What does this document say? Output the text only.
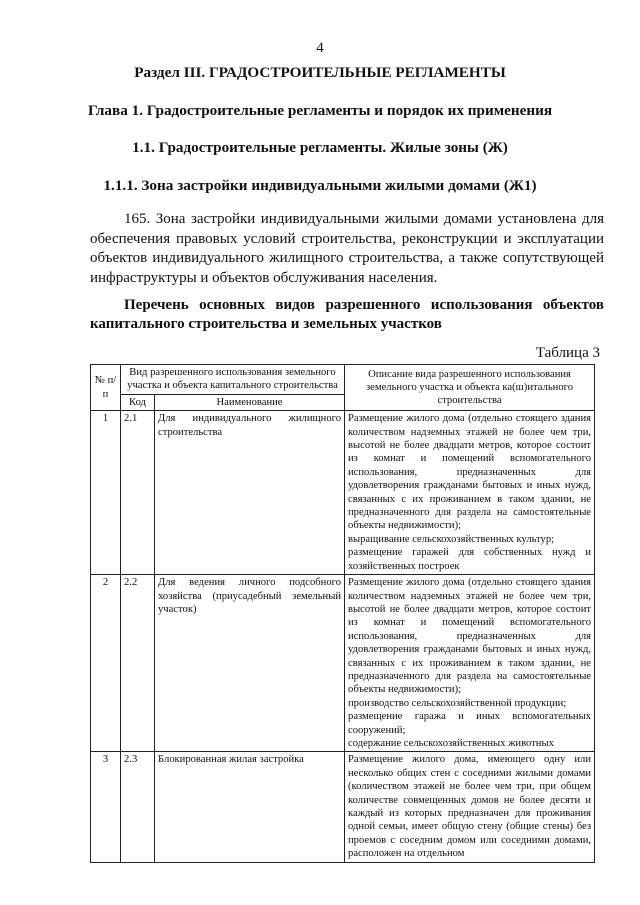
4
Раздел III. ГРАДОСТРОИТЕЛЬНЫЕ РЕГЛАМЕНТЫ
Глава 1. Градостроительные регламенты и порядок их применения
1.1. Градостроительные регламенты. Жилые зоны (Ж)
1.1.1. Зона застройки индивидуальными жилыми домами (Ж1)
165. Зона застройки индивидуальными жилыми домами установлена для обеспечения правовых условий строительства, реконструкции и эксплуатации объектов индивидуального жилищного строительства, а также сопутствующей инфраструктуры и объектов обслуживания населения.
Перечень основных видов разрешенного использования объектов капитального строительства и земельных участков
Таблица 3
№ п/п	Вид разрешенного использования земельного участка и объекта капитального строительства		Описание вида разрешенного использования земельного участка и объекта ка(ш)итального строительства
	Код	Наименование	
1	2.1	Для индивидуального жилищного строительства	Размещение жилого дома (отдельно стоящего здания количеством надземных этажей не более чем три, высотой не более двадцати метров, которое состоит из комнат и помещений вспомогательного использования, предназначенных для удовлетворения гражданами бытовых и иных нужд, связанных с их проживанием в таком здании, не предназначенного для раздела на самостоятельные объекты недвижимости);
выращивание сельскохозяйственных культур;
размещение гаражей для собственных нужд и хозяйственных построек

2	2.2	Для ведения личного подсобного хозяйства (приусадебный земельный участок)	Размещение жилого дома (отдельно стоящего здания количеством надземных этажей не более чем три, высотой не более двадцати метров, которое состоит из комнат и помещений вспомогательного использования, предназначенных для удовлетворения гражданами бытовых и иных нужд, связанных с их проживанием в таком здании, не предназначенного для раздела на самостоятельные объекты недвижимости);
производство сельскохозяйственной продукции;
размещение гаража и иных вспомогательных сооружений;
содержание сельскохозяйственных животных

3	2.3	Блокированная жилая застройка	Размещение жилого дома, имеющего одну или несколько общих стен с соседними жилыми домами (количеством этажей не более чем три, при общем количестве совмещенных домов не более десяти и каждый из которых предназначен для проживания одной семьи, имеет общую стену (общие стены) без проемов с соседним домом или соседними домами, расположен на отдельном
